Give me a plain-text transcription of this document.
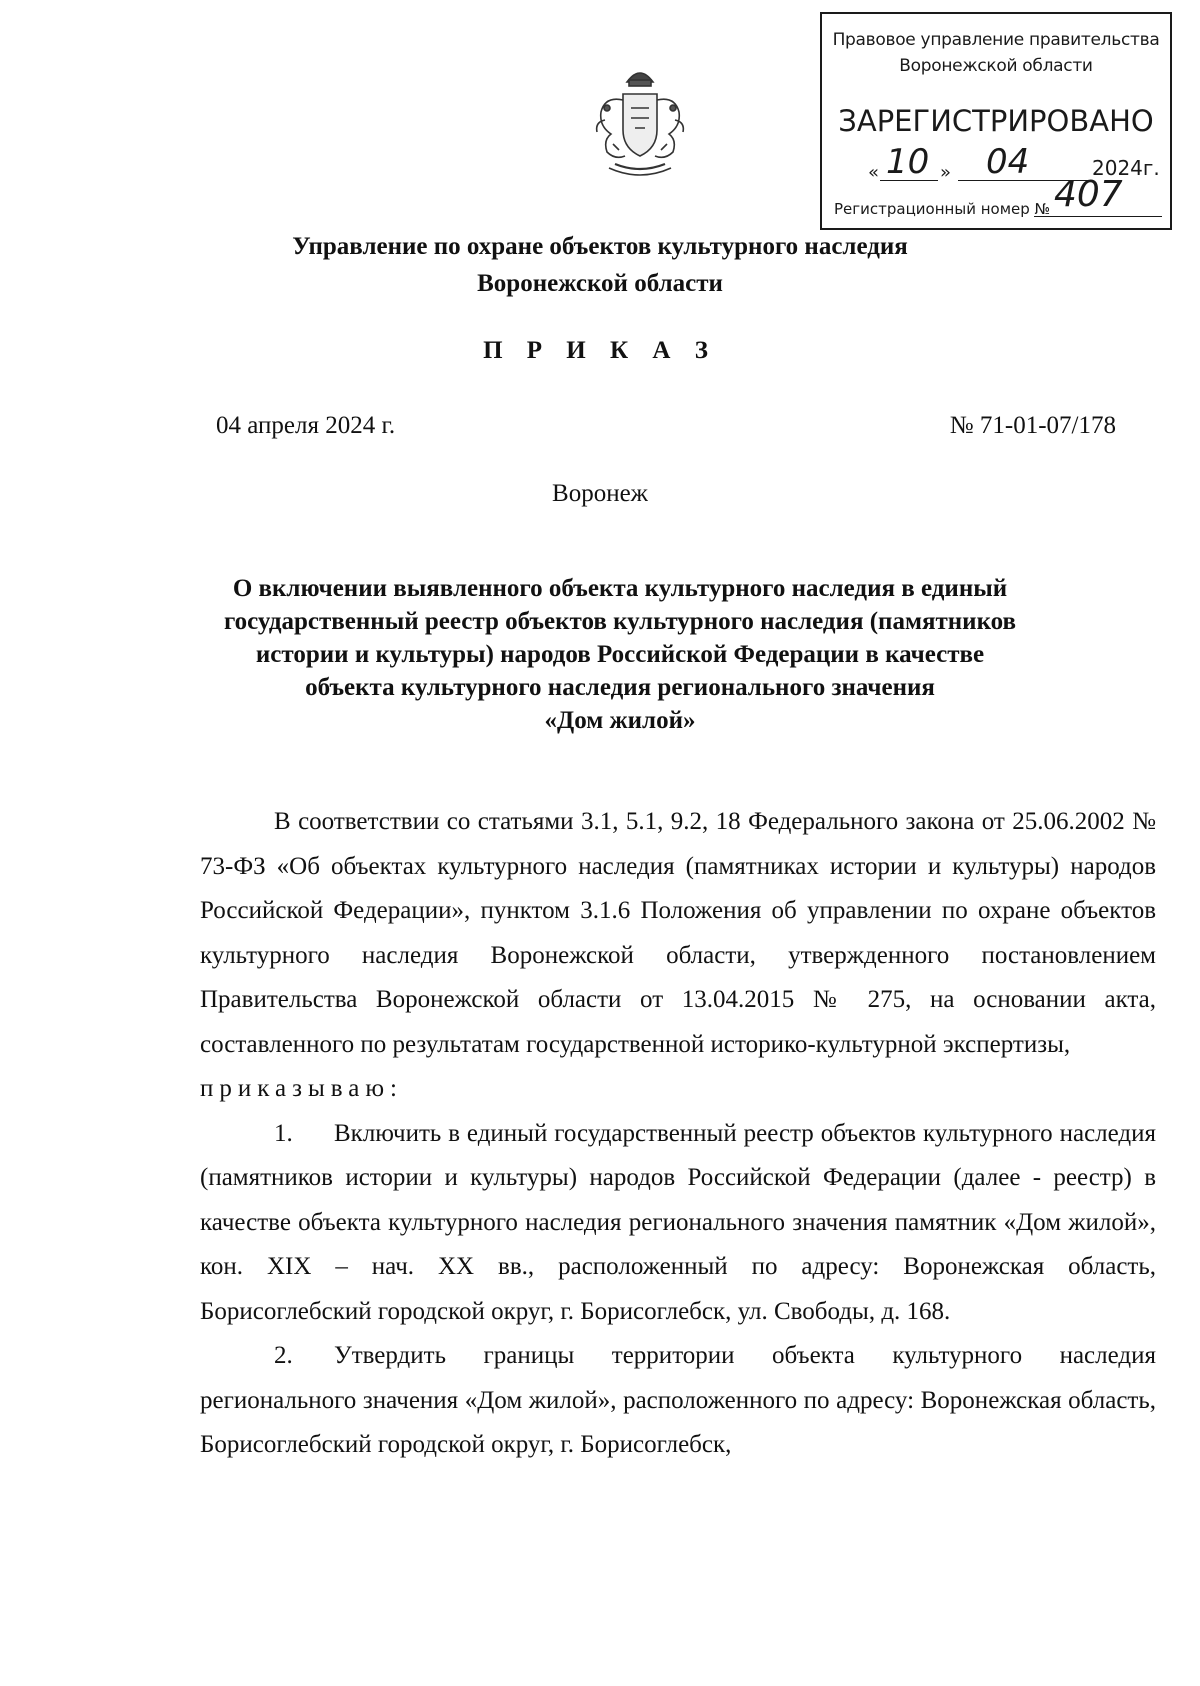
Правовое управление правительства
Воронежской области
ЗАРЕГИСТРИРОВАНО
« 10 » 04	2024г.
Регистрационный номер № 407
Управление по охране объектов культурного наследия
Воронежской области
П Р И К А З
04 апреля 2024 г.	№ 71-01-07/178
Воронеж
О включении выявленного объекта культурного наследия в единый
государственный реестр объектов культурного наследия (памятников
истории и культуры) народов Российской Федерации в качестве
объекта культурного наследия регионального значения
«Дом жилой»

В соответствии со статьями 3.1, 5.1, 9.2, 18 Федерального закона от 25.06.2002 № 73-ФЗ «Об объектах культурного наследия (памятниках истории и культуры) народов Российской Федерации», пунктом 3.1.6 Положения об управлении по охране объектов культурного наследия Воронежской области, утвержденного постановлением Правительства Воронежской области от 13.04.2015 № 275, на основании акта, составленного по результатам государственной историко-культурной экспертизы,

приказываю:

1. Включить в единый государственный реестр объектов культурного наследия (памятников истории и культуры) народов Российской Федерации (далее - реестр) в качестве объекта культурного наследия регионального значения памятник «Дом жилой», кон. XIX – нач. XX вв., расположенный по адресу: Воронежская область, Борисоглебский городской округ, г. Борисоглебск, ул. Свободы, д. 168.

2. Утвердить границы территории объекта культурного наследия регионального значения «Дом жилой», расположенного по адресу: Воронежская область, Борисоглебский городской округ, г. Борисоглебск,
